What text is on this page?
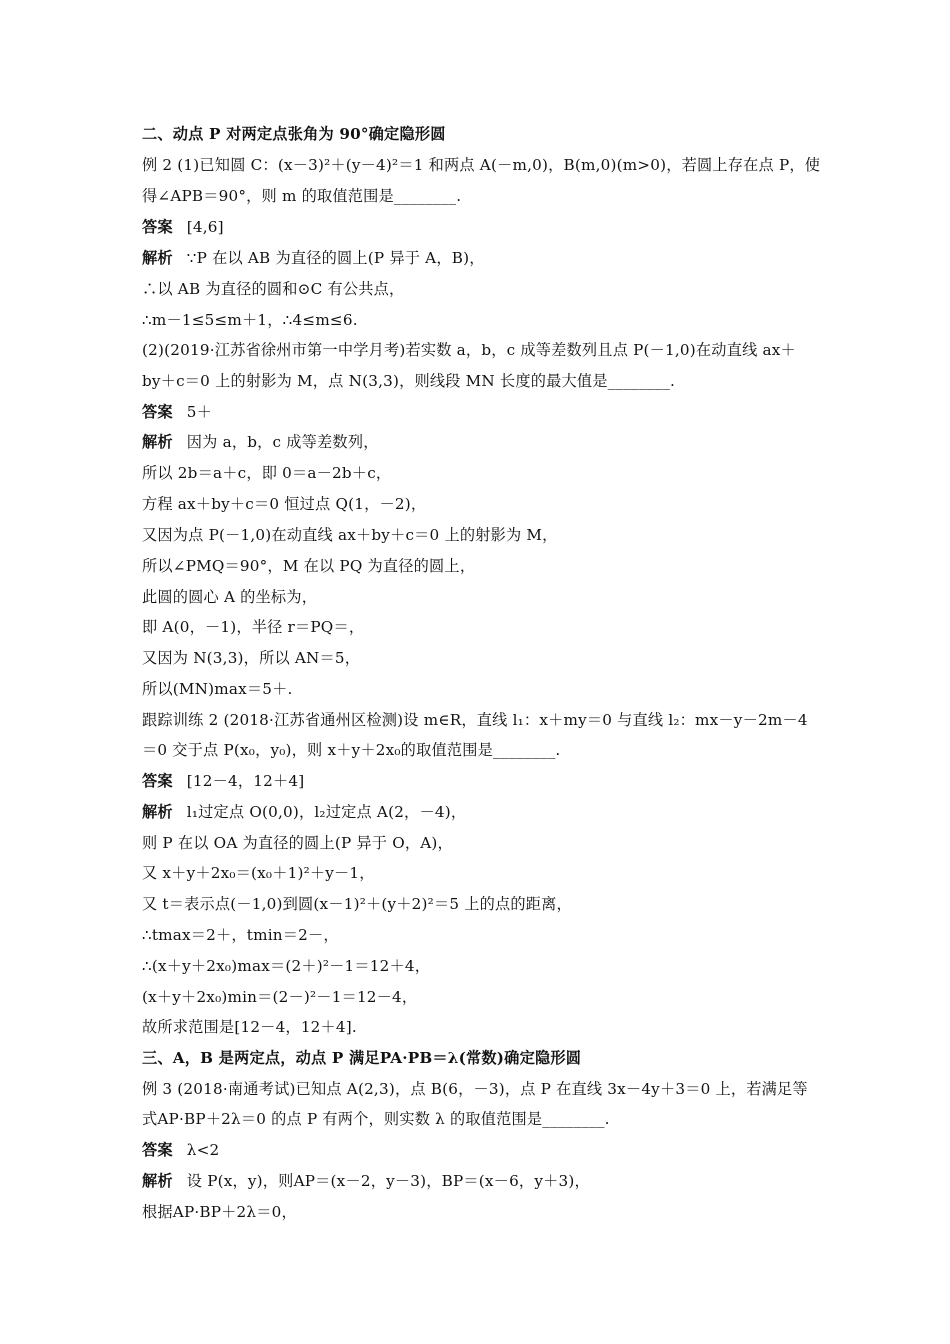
二、动点 P 对两定点张角为 90°确定隐形圆
例 2 (1)已知圆 C：(x－3)²＋(y－4)²＝1 和两点 A(－m,0)，B(m,0)(m>0)，若圆上存在点 P，使
得∠APB＝90°，则 m 的取值范围是________.
答案 [4,6]
解析 ∵P 在以 AB 为直径的圆上(P 异于 A，B)，
∴以 AB 为直径的圆和⊙C 有公共点，
∴m－1≤5≤m＋1，∴4≤m≤6.
(2)(2019·江苏省徐州市第一中学月考)若实数 a，b，c 成等差数列且点 P(－1,0)在动直线 ax＋
by＋c＝0 上的射影为 M，点 N(3,3)，则线段 MN 长度的最大值是________.
答案 5＋
解析 因为 a，b，c 成等差数列，
所以 2b＝a＋c，即 0＝a－2b＋c，
方程 ax＋by＋c＝0 恒过点 Q(1，－2)，
又因为点 P(－1,0)在动直线 ax＋by＋c＝0 上的射影为 M，
所以∠PMQ＝90°，M 在以 PQ 为直径的圆上，
此圆的圆心 A 的坐标为，
即 A(0，－1)，半径 r＝PQ＝，
又因为 N(3,3)，所以 AN＝5，
所以(MN)max＝5＋.
跟踪训练 2 (2018·江苏省通州区检测)设 m∈R，直线 l₁：x＋my＝0 与直线 l₂：mx－y－2m－4
＝0 交于点 P(x₀，y₀)，则 x＋y＋2x₀的取值范围是________.
答案 [12－4，12＋4]
解析 l₁过定点 O(0,0)，l₂过定点 A(2，－4)，
则 P 在以 OA 为直径的圆上(P 异于 O，A)，
又 x＋y＋2x₀＝(x₀＋1)²＋y－1，
又 t＝表示点(－1,0)到圆(x－1)²＋(y＋2)²＝5 上的点的距离，
∴tmax＝2＋，tmin＝2－，
∴(x＋y＋2x₀)max＝(2＋)²－1＝12＋4，
(x＋y＋2x₀)min＝(2－)²－1＝12－4，
故所求范围是[12－4，12＋4].
三、A，B 是两定点，动点 P 满足PA·PB＝λ(常数)确定隐形圆
例 3 (2018·南通考试)已知点 A(2,3)，点 B(6，－3)，点 P 在直线 3x－4y＋3＝0 上，若满足等
式AP·BP＋2λ＝0 的点 P 有两个，则实数 λ 的取值范围是________.
答案 λ<2
解析 设 P(x，y)，则AP＝(x－2，y－3)，BP＝(x－6，y＋3)，
根据AP·BP＋2λ＝0，
